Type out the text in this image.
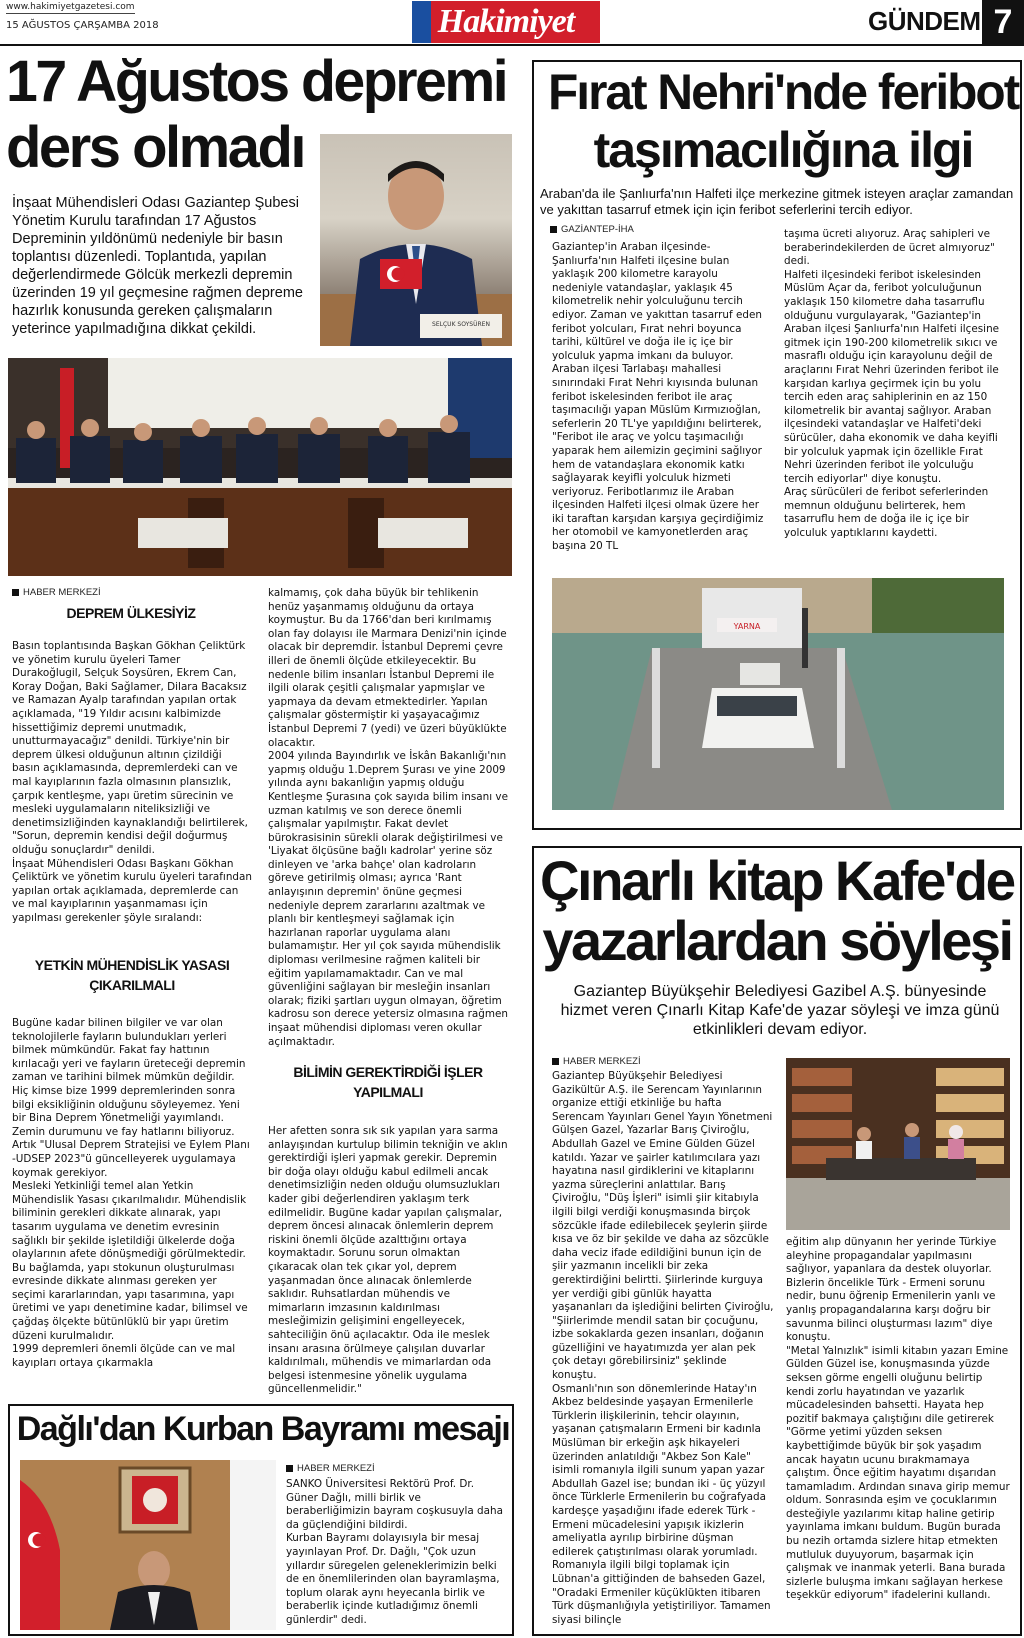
www.hakimiyetgazetesi.com
15 AĞUSTOS ÇARŞAMBA 2018	Hakimiyet	GÜNDEM 7
17 Ağustos depremi
ders olmadı
İnşaat Mühendisleri Odası Gaziantep Şubesi Yönetim Kurulu tarafından 17 Ağustos Depreminin yıldönümü nedeniyle bir basın toplantısı düzenledi. Toplantıda, yapılan değerlendirmede Gölcük merkezli depremin üzerinden 19 yıl geçmesine rağmen depreme hazırlık konusunda gereken çalışmaların yeterince yapılmadığına dikkat çekildi.	SELÇUK SOYSÜREN
HABER MERKEZİ
DEPREM ÜLKESİYİZ
Basın toplantısında Başkan Gökhan Çeliktürk ve yönetim kurulu üyeleri Tamer Durakoğlugil, Selçuk Soysüren, Ekrem Can, Koray Doğan, Baki Sağlamer, Dilara Bacaksız ve Ramazan Ayalp tarafından yapılan ortak açıklamada, "19 Yıldır acısını kalbimizde hissettiğimiz depremi unutmadık, unutturmayacağız" denildi. Türkiye'nin bir deprem ülkesi olduğunun altının çizildiği basın açıklamasında, depremlerdeki can ve mal kayıplarının fazla olmasının plansızlık, çarpık kentleşme, yapı üretim sürecinin ve mesleki uygulamaların niteliksizliği ve denetimsizliğinden kaynaklandığı belirtilerek, "Sorun, depremin kendisi değil doğurmuş olduğu sonuçlardır" denildi.
İnşaat Mühendisleri Odası Başkanı Gökhan Çeliktürk ve yönetim kurulu üyeleri tarafından yapılan ortak açıklamada, depremlerde can ve mal kayıplarının yaşanmaması için yapılması gerekenler şöyle sıralandı:
YETKİN MÜHENDİSLİK YASASI ÇIKARILMALI
Bugüne kadar bilinen bilgiler ve var olan teknolojilerle fayların bulundukları yerleri bilmek mümkündür. Fakat fay hattının kırılacağı yeri ve fayların üreteceği depremin zaman ve tarihini bilmek mümkün değildir. Hiç kimse bize 1999 depremlerinden sonra bilgi eksikliğinin olduğunu söyleyemez. Yeni bir Bina Deprem Yönetmeliği yayımlandı. Zemin durumunu ve fay hatlarını biliyoruz. Artık "Ulusal Deprem Stratejisi ve Eylem Planı -UDSEP 2023"ü güncelleyerek uygulamaya koymak gerekiyor.
Mesleki Yetkinliği temel alan Yetkin Mühendislik Yasası çıkarılmalıdır. Mühendislik biliminin gerekleri dikkate alınarak, yapı tasarım uygulama ve denetim evresinin sağlıklı bir şekilde işletildiği ülkelerde doğa olaylarının afete dönüşmediği görülmektedir. Bu bağlamda, yapı stokunun oluşturulması evresinde dikkate alınması gereken yer seçimi kararlarından, yapı tasarımına, yapı üretimi ve yapı denetimine kadar, bilimsel ve çağdaş ölçekte bütünlüklü bir yapı üretim düzeni kurulmalıdır.
1999 depremleri önemli ölçüde can ve mal kayıpları ortaya çıkarmakla
kalmamış, çok daha büyük bir tehlikenin henüz yaşanmamış olduğunu da ortaya koymuştur. Bu da 1766'dan beri kırılmamış olan fay dolayısı ile Marmara Denizi'nin içinde olacak bir depremdir. İstanbul Depremi çevre illeri de önemli ölçüde etkileyecektir. Bu nedenle bilim insanları İstanbul Depremi ile ilgili olarak çeşitli çalışmalar yapmışlar ve yapmaya da devam etmektedirler. Yapılan çalışmalar göstermiştir ki yaşayacağımız İstanbul Depremi 7 (yedi) ve üzeri büyüklükte olacaktır.
2004 yılında Bayındırlık ve İskân Bakanlığı'nın yapmış olduğu 1.Deprem Şurası ve yine 2009 yılında aynı bakanlığın yapmış olduğu Kentleşme Şurasına çok sayıda bilim insanı ve uzman katılmış ve son derece önemli çalışmalar yapılmıştır. Fakat devlet bürokrasisinin sürekli olarak değiştirilmesi ve 'Liyakat ölçüsüne bağlı kadrolar' yerine söz dinleyen ve 'arka bahçe' olan kadroların göreve getirilmiş olması; ayrıca 'Rant anlayışının depremin' önüne geçmesi nedeniyle deprem zararlarını azaltmak ve planlı bir kentleşmeyi sağlamak için hazırlanan raporlar uygulama alanı bulamamıştır. Her yıl çok sayıda mühendislik diploması verilmesine rağmen kaliteli bir eğitim yapılamamaktadır. Can ve mal güvenliğini sağlayan bir mesleğin insanları olarak; fiziki şartları uygun olmayan, öğretim kadrosu son derece yetersiz olmasına rağmen inşaat mühendisi diploması veren okullar açılmaktadır.
BİLİMİN GEREKTİRDİĞİ İŞLER YAPILMALI
Her afetten sonra sık sık yapılan yara sarma anlayışından kurtulup bilimin tekniğin ve aklın gerektirdiği işleri yapmak gerekir. Depremin bir doğa olayı olduğu kabul edilmeli ancak denetimsizliğin neden olduğu olumsuzlukları kader gibi değerlendiren yaklaşım terk edilmelidir. Bugüne kadar yapılan çalışmalar, deprem öncesi alınacak önlemlerin deprem riskini önemli ölçüde azalttığını ortaya koymaktadır. Sorunu sorun olmaktan çıkaracak olan tek çıkar yol, deprem yaşanmadan önce alınacak önlemlerde saklıdır. Ruhsatlardan mühendis ve mimarların imzasının kaldırılması mesleğimizin gelişimini engelleyecek, sahteciliğin önü açılacaktır. Oda ile meslek insanı arasına örülmeye çalışılan duvarlar kaldırılmalı, mühendis ve mimarlardan oda belgesi istenmesine yönelik uygulama güncellenmelidir."
Fırat Nehri'nde feribot
taşımacılığına ilgi
Araban'da ile Şanlıurfa'nın Halfeti ilçe merkezine gitmek isteyen araçlar zamandan ve yakıttan tasarruf etmek için için feribot seferlerini tercih ediyor.
GAZİANTEP-İHA
Gaziantep'in Araban ilçesinde-Şanlıurfa'nın Halfeti ilçesine bulan yaklaşık 200 kilometre karayolu nedeniyle vatandaşlar, yaklaşık 45 kilometrelik nehir yolculuğunu tercih ediyor. Zaman ve yakıttan tasarruf eden feribot yolcuları, Fırat nehri boyunca tarihi, kültürel ve doğa ile iç içe bir yolculuk yapma imkanı da buluyor. Araban ilçesi Tarlabaşı mahallesi sınırındaki Fırat Nehri kıyısında bulunan feribot iskelesinden feribot ile araç taşımacılığı yapan Müslüm Kırmızıoğlan, seferlerin 20 TL'ye yapıldığını belirterek, "Feribot ile araç ve yolcu taşımacılığı yaparak hem ailemizin geçimini sağlıyor hem de vatandaşlara ekonomik katkı sağlayarak keyifli yolculuk hizmeti veriyoruz. Feribotlarımız ile Araban ilçesinden Halfeti ilçesi olmak üzere her iki taraftan karşıdan karşıya geçirdiğimiz her otomobil ve kamyonetlerden araç başına 20 TL
taşıma ücreti alıyoruz. Araç sahipleri ve beraberindekilerden de ücret almıyoruz" dedi.
Halfeti ilçesindeki feribot iskelesinden Müslüm Açar da, feribot yolculuğunun yaklaşık 150 kilometre daha tasarruflu olduğunu vurgulayarak, "Gaziantep'in Araban ilçesi Şanlıurfa'nın Halfeti ilçesine gitmek için 190-200 kilometrelik sıkıcı ve masraflı olduğu için karayolunu değil de araçlarını Fırat Nehri üzerinden feribot ile karşıdan karlıya geçirmek için bu yolu tercih eden araç sahiplerinin en az 150 kilometrelik bir avantaj sağlıyor. Araban ilçesindeki vatandaşlar ve Halfeti'deki sürücüler, daha ekonomik ve daha keyifli bir yolculuk yapmak için özellikle Fırat Nehri üzerinden feribot ile yolculuğu tercih ediyorlar" diye konuştu.
Araç sürücüleri de feribot seferlerinden memnun olduğunu belirterek, hem tasarruflu hem de doğa ile iç içe bir yolculuk yaptıklarını kaydetti.
YARNA
Çınarlı kitap Kafe'de
yazarlardan söyleşi
Gaziantep Büyükşehir Belediyesi Gazibel A.Ş. bünyesinde hizmet veren Çınarlı Kitap Kafe'de yazar söyleşi ve imza günü etkinlikleri devam ediyor.
HABER MERKEZİ
Gaziantep Büyükşehir Belediyesi Gazikültür A.Ş. ile Serencam Yayınlarının organize ettiği etkinliğe bu hafta Serencam Yayınları Genel Yayın Yönetmeni Gülşen Gazel, Yazarlar Barış Çiviroğlu, Abdullah Gazel ve Emine Gülden Güzel katıldı. Yazar ve şairler katılımcılara yazı hayatına nasıl girdiklerini ve kitaplarını yazma süreçlerini anlattılar. Barış Çiviroğlu, "Düş İşleri" isimli şiir kitabıyla ilgili bilgi verdiği konuşmasında birçok sözcükle ifade edilebilecek şeylerin şiirde kısa ve öz bir şekilde ve daha az sözcükle daha veciz ifade edildiğini bunun için de şiir yazmanın incelikli bir zeka gerektirdiğini belirtti. Şiirlerinde kurguya yer verdiği gibi günlük hayatta yaşananları da işlediğini belirten Çiviroğlu, "Şiirlerimde mendil satan bir çocuğunu, izbe sokaklarda gezen insanları, doğanın güzelliğini ve hayatımızda yer alan pek çok detayı görebilirsiniz" şeklinde konuştu.
Osmanlı'nın son dönemlerinde Hatay'ın Akbez beldesinde yaşayan Ermenilerle Türklerin ilişkilerinin, tehcir olayının, yaşanan çatışmaların Ermeni bir kadınla Müslüman bir erkeğin aşk hikayeleri üzerinden anlatıldığı "Akbez Son Kale" isimli romanıyla ilgili sunum yapan yazar Abdullah Gazel ise; bundan iki - üç yüzyıl önce Türklerle Ermenilerin bu coğrafyada kardeşçe yaşadığını ifade ederek Türk - Ermeni mücadelesini yapışık ikizlerin ameliyatla ayrılıp birbirine düşman edilerek çatıştırılması olarak yorumladı. Romanıyla ilgili bilgi toplamak için Lübnan'a gittiğinden de bahseden Gazel, "Oradaki Ermeniler küçüklükten itibaren Türk düşmanlığıyla yetiştiriliyor. Tamamen siyasi bilinçle
eğitim alıp dünyanın her yerinde Türkiye aleyhine propagandalar yapılmasını sağlıyor, yapanlara da destek oluyorlar. Bizlerin öncelikle Türk - Ermeni sorunu nedir, bunu öğrenip Ermenilerin yanlı ve yanlış propagandalarına karşı doğru bir savunma bilinci oluşturması lazım" diye konuştu.
"Metal Yalnızlık" isimli kitabın yazarı Emine Gülden Güzel ise, konuşmasında yüzde seksen görme engelli oluğunu belirtip kendi zorlu hayatından ve yazarlık mücadelesinden bahsetti. Hayata hep pozitif bakmaya çalıştığını dile getirerek "Görme yetimi yüzden seksen kaybettiğimde büyük bir şok yaşadım ancak hayatın ucunu bırakmamaya çalıştım. Önce eğitim hayatımı dışarıdan tamamladım. Ardından sınava girip memur oldum. Sonrasında eşim ve çocuklarımın desteğiyle yazılarımı kitap haline getirip yayınlama imkanı buldum. Bugün burada bu nezih ortamda sizlere hitap etmekten mutluluk duyuyorum, başarmak için çalışmak ve inanmak yeterli. Bana burada sizlerle buluşma imkanı sağlayan herkese teşekkür ediyorum" ifadelerini kullandı.
Dağlı'dan Kurban Bayramı mesajı
HABER MERKEZİ
SANKO Üniversitesi Rektörü Prof. Dr. Güner Dağlı, milli birlik ve beraberliğimizin bayram coşkusuyla daha da güçlendiğini bildirdi.
Kurban Bayramı dolayısıyla bir mesaj yayınlayan Prof. Dr. Dağlı, "Çok uzun yıllardır süregelen geleneklerimizin belki de en önemlilerinden olan bayramlaşma, toplum olarak aynı heyecanla birlik ve beraberlik içinde kutladığımız önemli günlerdir" dedi.
